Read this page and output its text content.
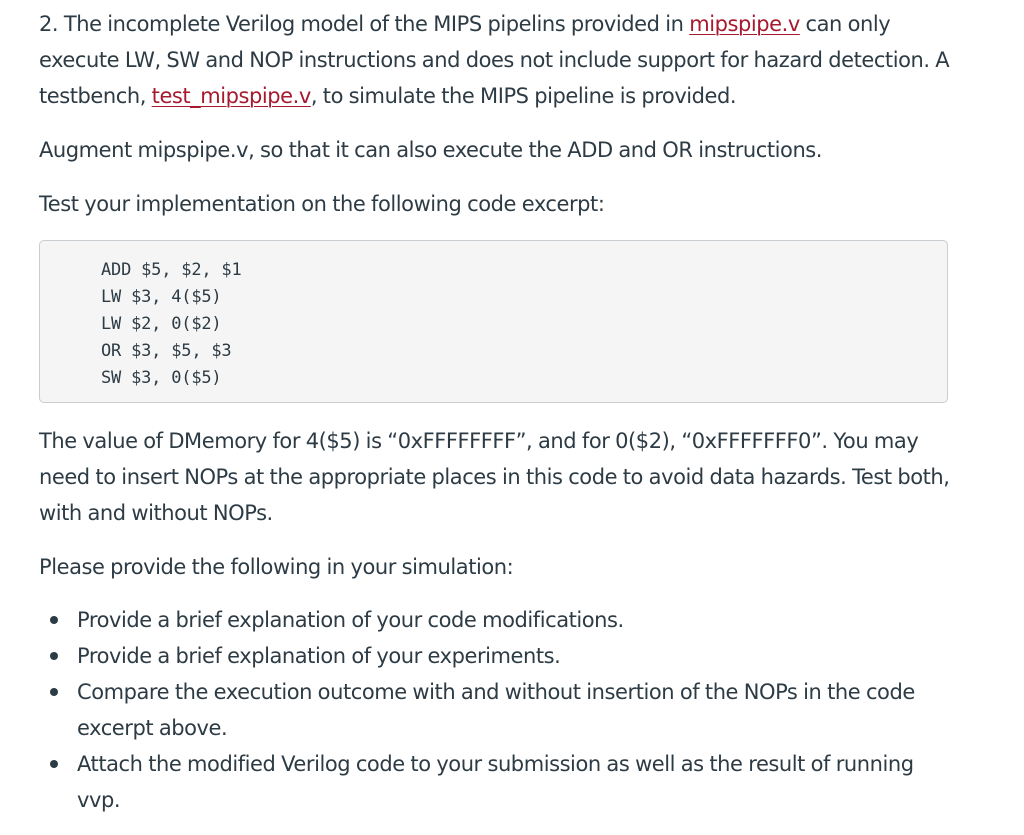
2. The incomplete Verilog model of the MIPS pipelins provided in mipspipe.v can only execute LW, SW and NOP instructions and does not include support for hazard detection. A testbench, test_mipspipe.v, to simulate the MIPS pipeline is provided.

Augment mipspipe.v, so that it can also execute the ADD and OR instructions.

Test your implementation on the following code excerpt:

ADD $5, $2, $1
LW $3, 4($5)
LW $2, 0($2)
OR $3, $5, $3
SW $3, 0($5)

The value of DMemory for 4($5) is “0xFFFFFFFF”, and for 0($2), “0xFFFFFFF0”. You may need to insert NOPs at the appropriate places in this code to avoid data hazards. Test both, with and without NOPs.

Please provide the following in your simulation:

Provide a brief explanation of your code modifications.
Provide a brief explanation of your experiments.
Compare the execution outcome with and without insertion of the NOPs in the code excerpt above.
Attach the modified Verilog code to your submission as well as the result of running vvp.
